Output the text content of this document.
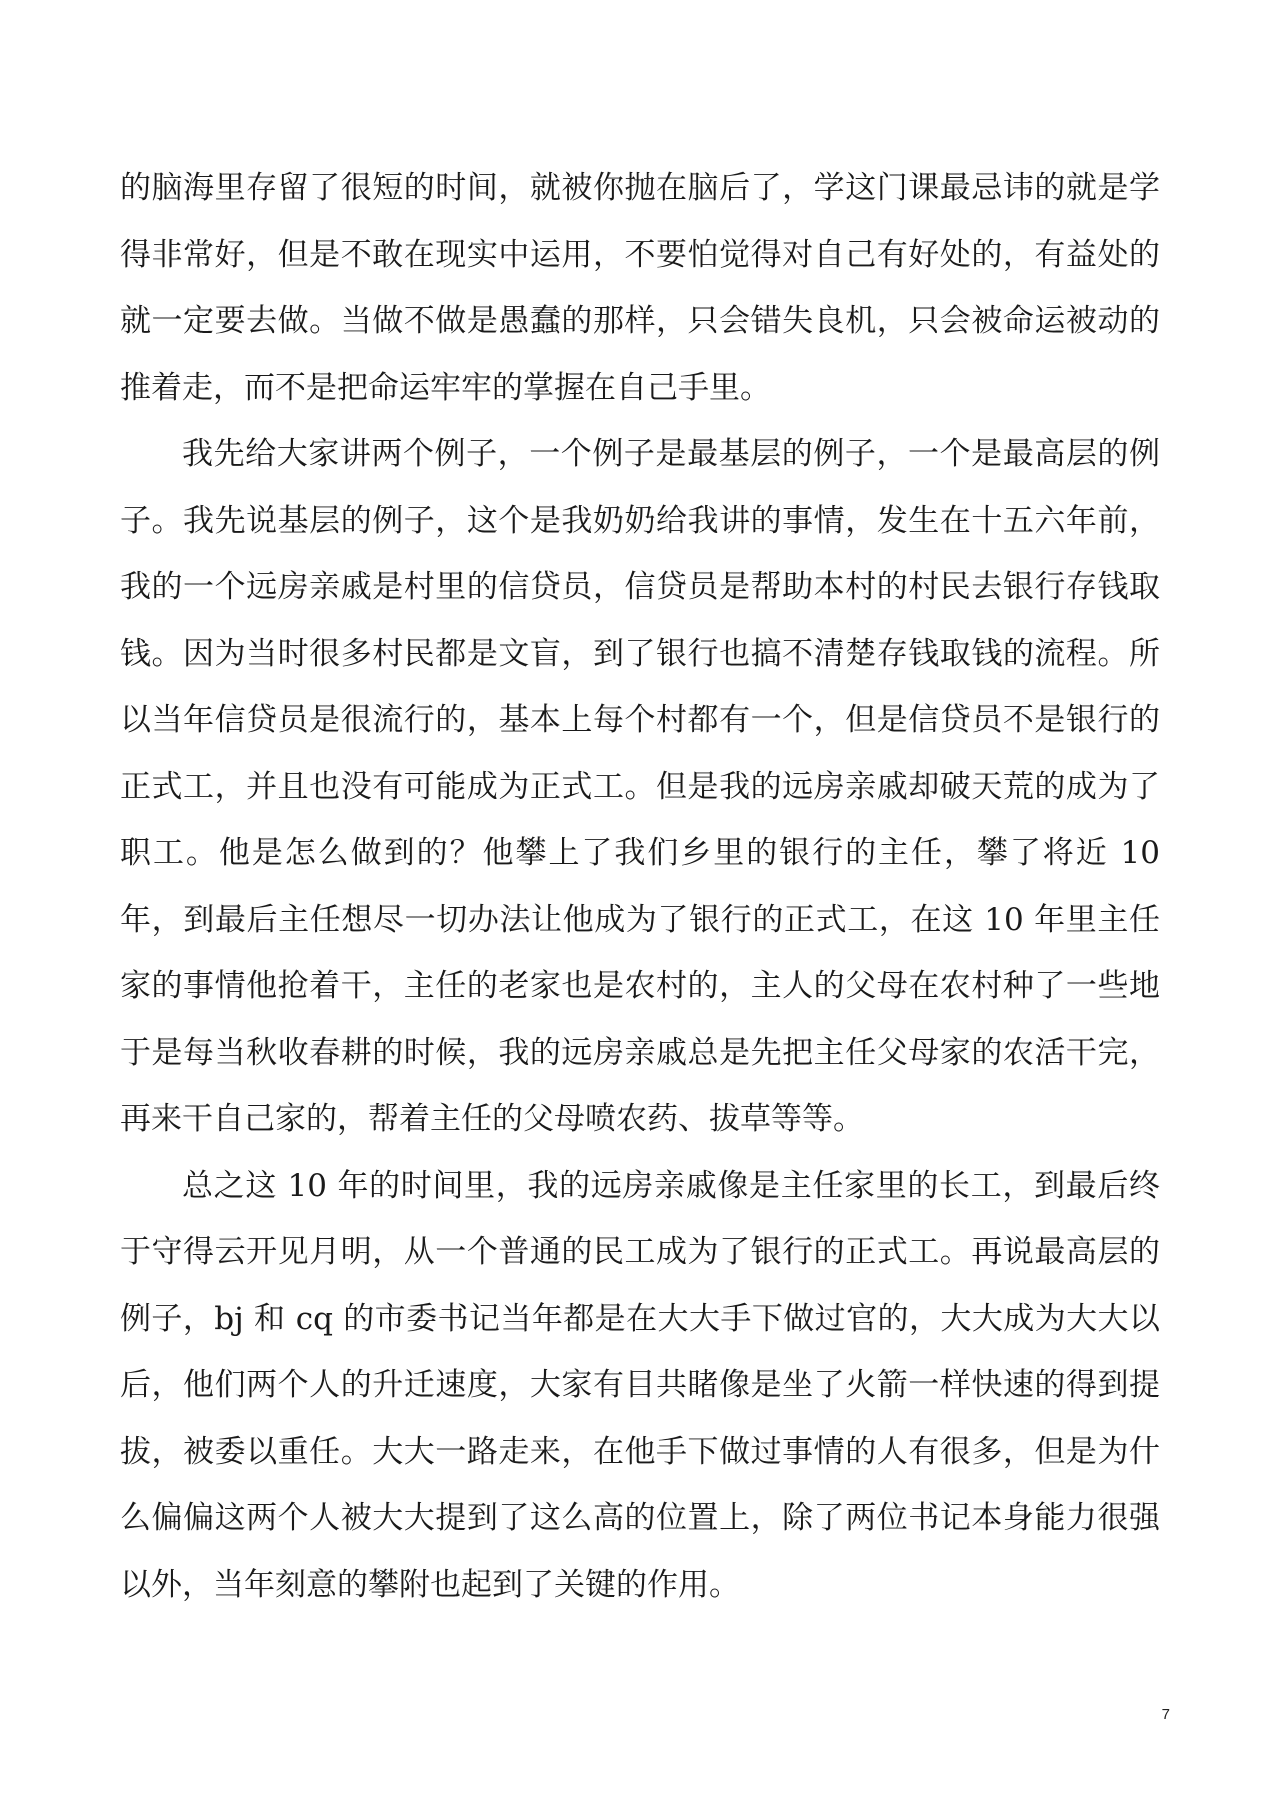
的脑海里存留了很短的时间，就被你抛在脑后了，学这门课最忌讳的就是学得非常好，但是不敢在现实中运用，不要怕觉得对自己有好处的，有益处的就一定要去做。当做不做是愚蠢的那样，只会错失良机，只会被命运被动的推着走，而不是把命运牢牢的掌握在自己手里。

我先给大家讲两个例子，一个例子是最基层的例子，一个是最高层的例子。我先说基层的例子，这个是我奶奶给我讲的事情，发生在十五六年前，我的一个远房亲戚是村里的信贷员，信贷员是帮助本村的村民去银行存钱取钱。因为当时很多村民都是文盲，到了银行也搞不清楚存钱取钱的流程。所以当年信贷员是很流行的，基本上每个村都有一个，但是信贷员不是银行的正式工，并且也没有可能成为正式工。但是我的远房亲戚却破天荒的成为了职工。他是怎么做到的？他攀上了我们乡里的银行的主任，攀了将近 10 年，到最后主任想尽一切办法让他成为了银行的正式工，在这 10 年里主任家的事情他抢着干，主任的老家也是农村的，主人的父母在农村种了一些地于是每当秋收春耕的时候，我的远房亲戚总是先把主任父母家的农活干完，再来干自己家的，帮着主任的父母喷农药、拔草等等。

总之这 10 年的时间里，我的远房亲戚像是主任家里的长工，到最后终于守得云开见月明，从一个普通的民工成为了银行的正式工。再说最高层的例子，bj 和 cq 的市委书记当年都是在大大手下做过官的，大大成为大大以后，他们两个人的升迁速度，大家有目共睹像是坐了火箭一样快速的得到提拔，被委以重任。大大一路走来，在他手下做过事情的人有很多，但是为什么偏偏这两个人被大大提到了这么高的位置上，除了两位书记本身能力很强以外，当年刻意的攀附也起到了关键的作用。

7
